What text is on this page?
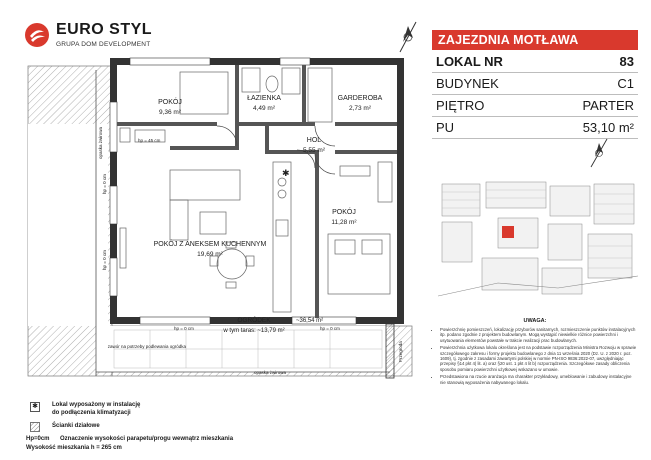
EURO STYL
GRUPA DOM DEVELOPMENT
✱
POKÓJ
9,36 m²
ŁAZIENKA
4,49 m²
GARDEROBA
2,73 m²
HOL
5,55 m²
POKÓJ
11,28 m²
POKÓJ Z ANEKSEM KUCHENNYM
19,69 m²
OGRÓDEK	~36,54 m²
w tym taras: ~13,79 m²
hp = 45 cm
hp = 0 cm	hp = 0 cm
hp = 0 cm
hp = 0 cm
opaska żwirowa
opaska żwirowa
zawór na potrzeby podlewania ogródka	Przegroda
ZAJEZDNIA MOTŁAWA
LOKAL NR	83
BUDYNEK	C1
PIĘTRO	PARTER
PU	53,10 m²
UWAGA:
• Powierzchnię pomieszczeń, lokalizację przyborów sanitarnych, rozmieszczenie punktów instalacyjnych itp. podano zgodnie z projektem budowlanym. Mogą wystąpić niewielkie różnice powierzchni i usytuowania elementów powstałe w trakcie realizacji prac budowlanych.
• Powierzchnia użytkowa lokalu określona jest na podstawie rozporządzenia Ministra Rozwoju w sprawie szczegółowego zakresu i formy projektu budowlanego z dnia 11 września 2020 (Dz. U. z 2020 r. poz. 1609), tj. zgodnie z zasadami zawartymi polskiej w normie PN-ISO 9836:2022-07, uwzględniając przepisy §14 pkt 4) lit. a) oraz §20 ust. 1 pkt 4 lit b) rozporządzenia. Szczegółowe zasady obliczenia sposobu pomiaru powierzchni użytkowej wskazano w umowie.
• Przedstawiona na rzucie aranżacja ma charakter przykładowy, umeblowanie i zabudowy instalacyjne nie stanowią wyposażenia nabywanego lokalu.
✱	Lokal wyposażony w instalację
do podłączenia klimatyzacji
Ścianki działowe
Hp=0cm Oznaczenie wysokości parapetu/progu wewnątrz mieszkania
Wysokość mieszkania h = 265 cm
